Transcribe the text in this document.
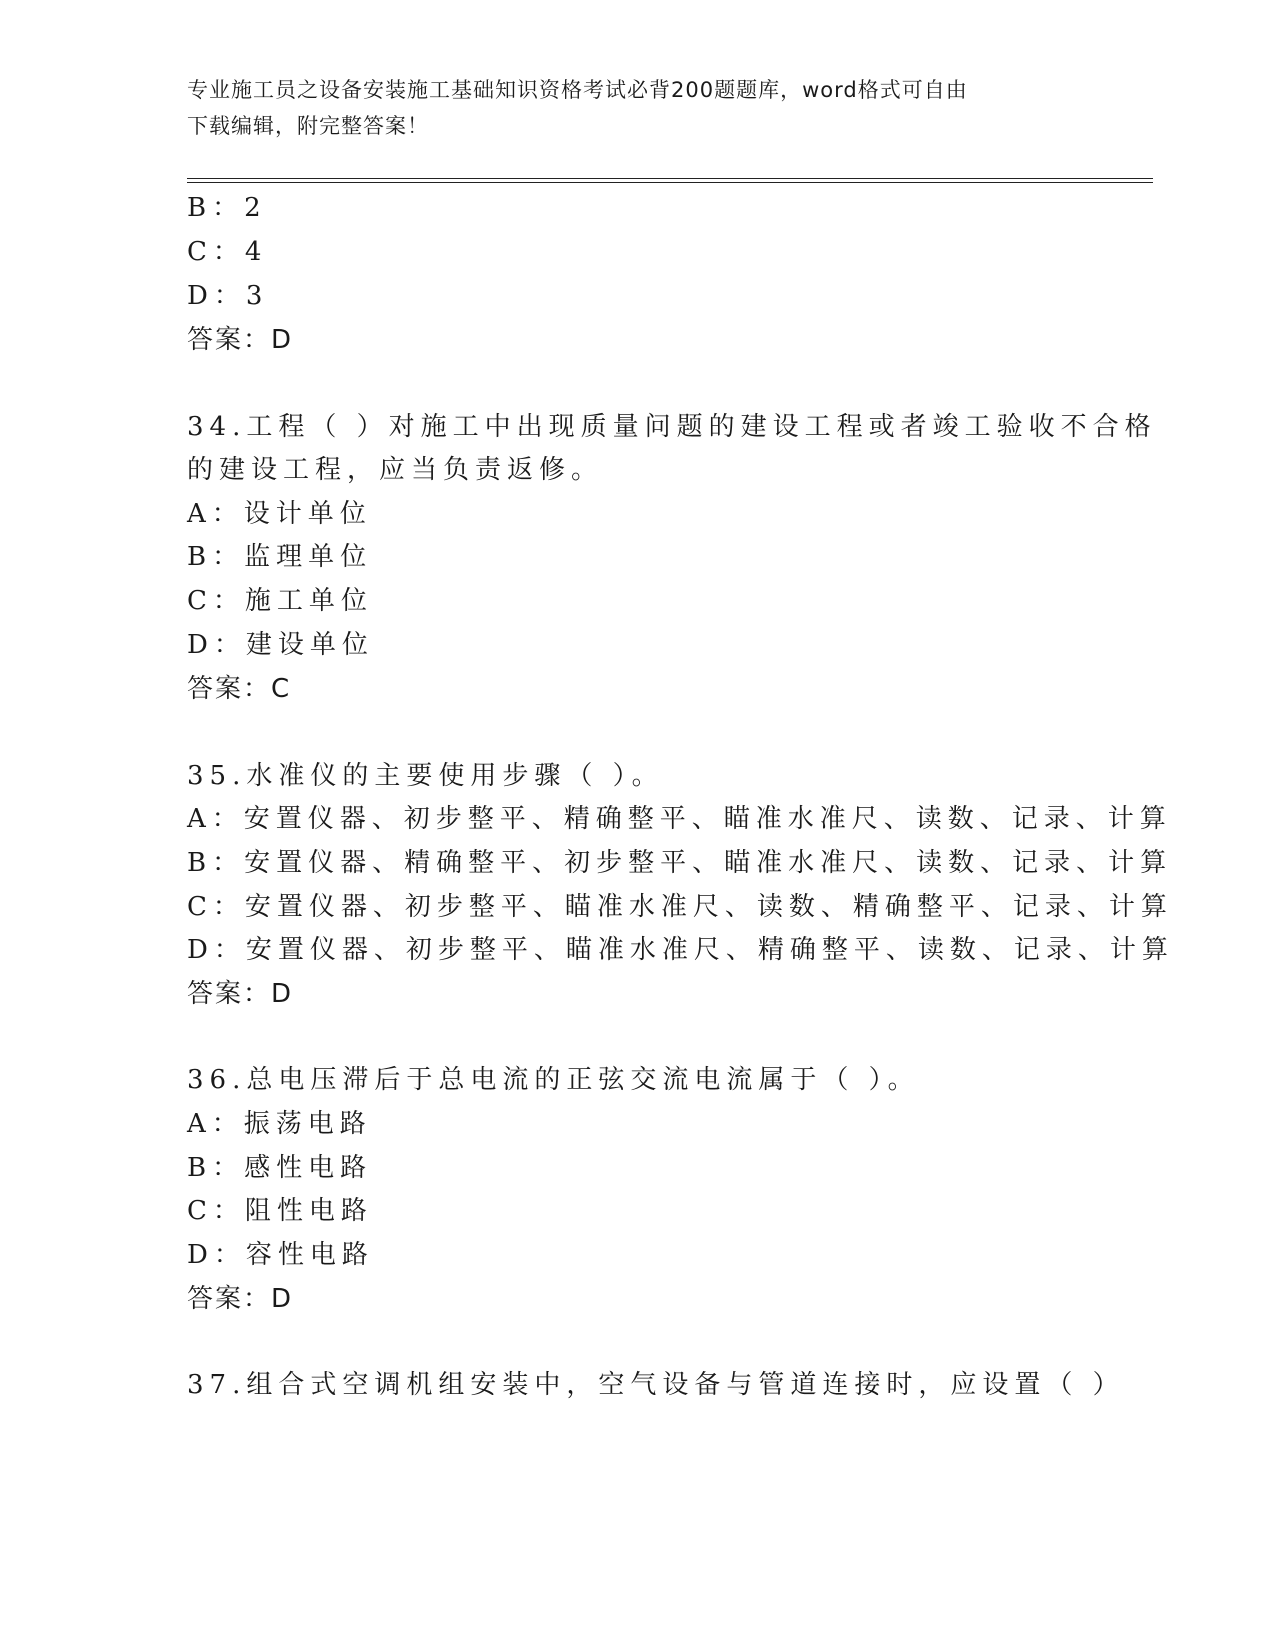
专业施工员之设备安装施工基础知识资格考试必背200题题库，word格式可自由
下载编辑，附完整答案！
B：2
C：4
D：3
答案：D
34.工程（ ）对施工中出现质量问题的建设工程或者竣工验收不合格
的建设工程，应当负责返修。
A：设计单位
B：监理单位
C：施工单位
D：建设单位
答案：C
35.水准仪的主要使用步骤（ ）。
A：安置仪器、初步整平、精确整平、瞄准水准尺、读数、记录、计算
B：安置仪器、精确整平、初步整平、瞄准水准尺、读数、记录、计算
C：安置仪器、初步整平、瞄准水准尺、读数、精确整平、记录、计算
D：安置仪器、初步整平、瞄准水准尺、精确整平、读数、记录、计算
答案：D
36.总电压滞后于总电流的正弦交流电流属于（ ）。
A：振荡电路
B：感性电路
C：阻性电路
D：容性电路
答案：D
37.组合式空调机组安装中，空气设备与管道连接时，应设置（ ）
